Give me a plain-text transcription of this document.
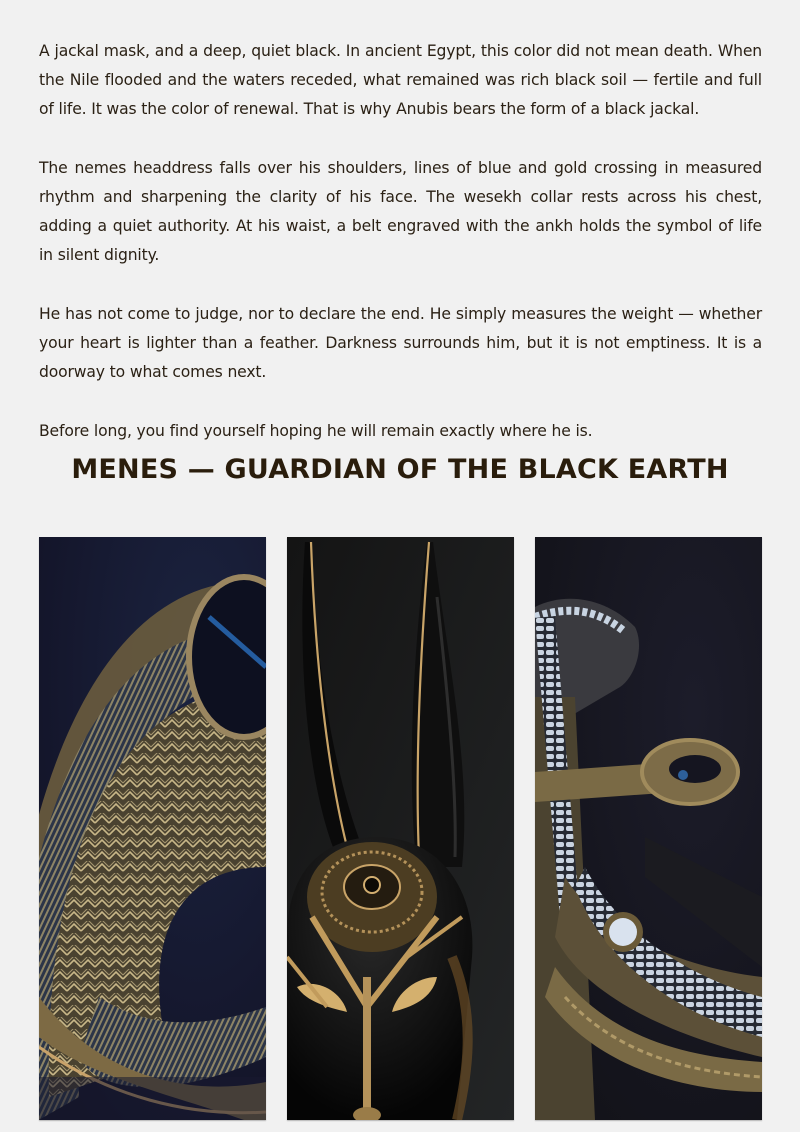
A jackal mask, and a deep, quiet black. In ancient Egypt, this color did not mean death. When the Nile flooded and the waters receded, what remained was rich black soil — fertile and full of life. It was the color of renewal. That is why Anubis bears the form of a black jackal.

The nemes headdress falls over his shoulders, lines of blue and gold crossing in measured rhythm and sharpening the clarity of his face. The wesekh collar rests across his chest, adding a quiet authority. At his waist, a belt engraved with the ankh holds the symbol of life in silent dignity.

He has not come to judge, nor to declare the end. He simply measures the weight — whether your heart is lighter than a feather. Darkness surrounds him, but it is not emptiness. It is a doorway to what comes next.

Before long, you find yourself hoping he will remain exactly where he is.

MENES — GUARDIAN OF THE BLACK EARTH
